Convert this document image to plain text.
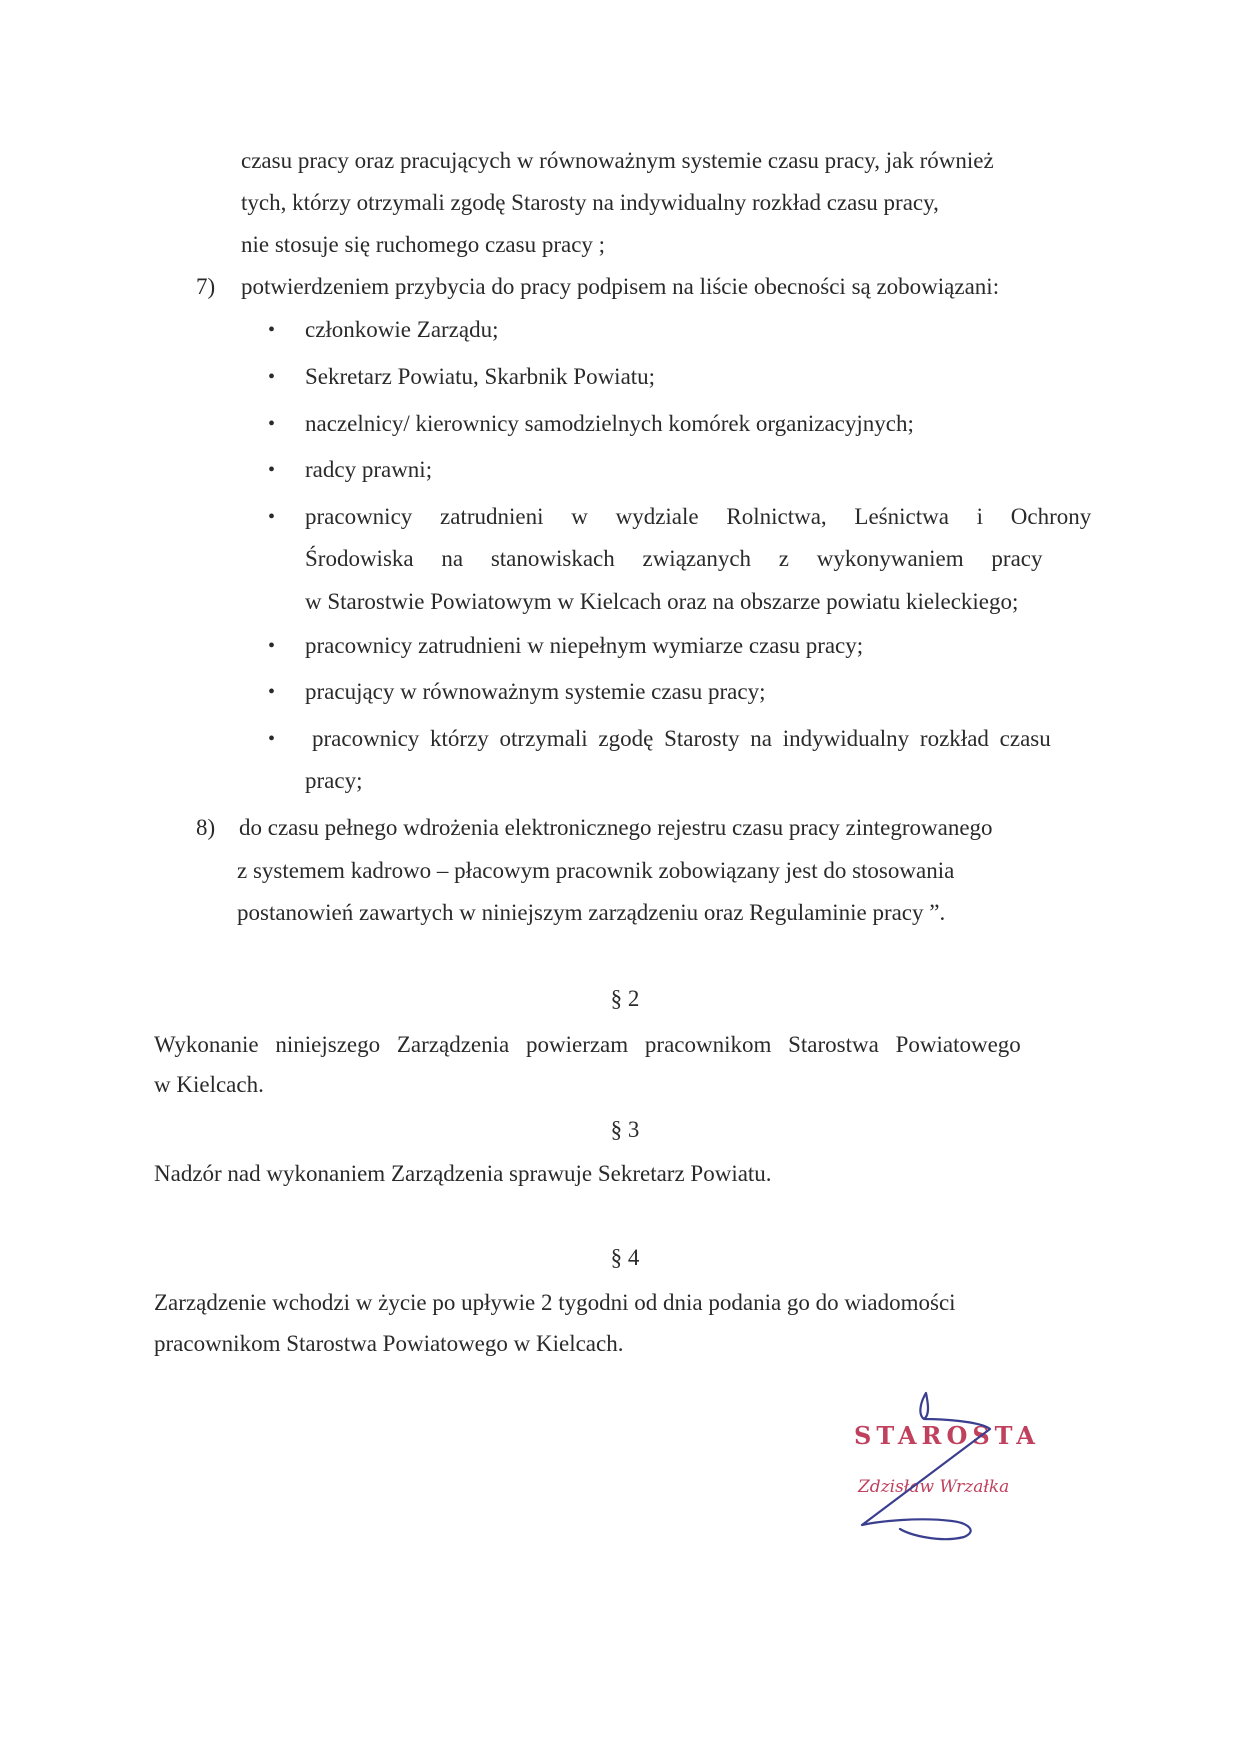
czasu pracy oraz pracujących w równoważnym systemie czasu pracy, jak również
tych, którzy otrzymali zgodę Starosty na indywidualny rozkład czasu pracy,
nie stosuje się ruchomego czasu pracy ;
7) potwierdzeniem przybycia do pracy podpisem na liście obecności są zobowiązani:
• członkowie Zarządu;
• Sekretarz Powiatu, Skarbnik Powiatu;
• naczelnicy/ kierownicy samodzielnych komórek organizacyjnych;
• radcy prawni;
• pracownicy zatrudnieni w wydziale Rolnictwa, Leśnictwa i Ochrony
Środowiska na stanowiskach związanych z wykonywaniem pracy
w Starostwie Powiatowym w Kielcach oraz na obszarze powiatu kieleckiego;
• pracownicy zatrudnieni w niepełnym wymiarze czasu pracy;
• pracujący w równoważnym systemie czasu pracy;
• pracownicy którzy otrzymali zgodę Starosty na indywidualny rozkład czasu
pracy;
8) do czasu pełnego wdrożenia elektronicznego rejestru czasu pracy zintegrowanego
z systemem kadrowo – płacowym pracownik zobowiązany jest do stosowania
postanowień zawartych w niniejszym zarządzeniu oraz Regulaminie pracy ”.
§ 2
Wykonanie niniejszego Zarządzenia powierzam pracownikom Starostwa Powiatowego
w Kielcach.
§ 3
Nadzór nad wykonaniem Zarządzenia sprawuje Sekretarz Powiatu.
§ 4
Zarządzenie wchodzi w życie po upływie 2 tygodni od dnia podania go do wiadomości
pracownikom Starostwa Powiatowego w Kielcach.
STAROSTA
Zdzisław Wrzałka
